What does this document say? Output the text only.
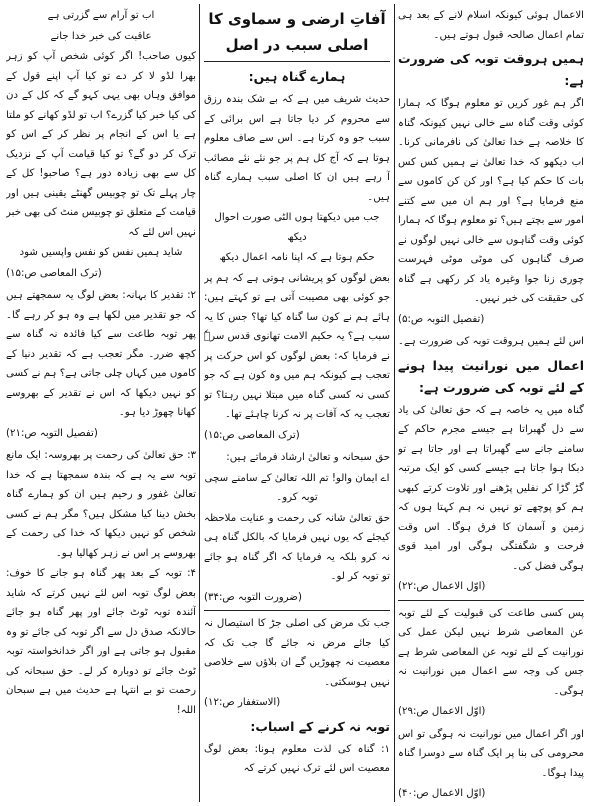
الاعمال ہوئی کیونکہ اسلام لانے کے بعد ہی تمام اعمال صالحہ قبول ہوتے ہیں۔
ہمیں ہروقت توبہ کی ضرورت ہے:
اگر ہم غور کریں تو معلوم ہوگا کہ ہمارا کوئی وقت گناہ سے خالی نہیں کیونکہ گناہ کا خلاصہ ہے خدا تعالیٰ کی نافرمانی کرنا۔ اب دیکھو کہ خدا تعالیٰ نے ہمیں کس کس بات کا حکم کیا ہے؟ اور کن کن کاموں سے منع فرمایا ہے؟ اور ہم ان میں سے کتنے امور سے بچتے ہیں؟ تو معلوم ہوگا کہ ہمارا کوئی وقت گناہوں سے خالی نہیں لوگوں نے صرف گناہوں کی موٹی موٹی فہرست چوری زنا جوا وغیرہ یاد کر رکھی ہے گناہ کی حقیقت کی خبر نہیں۔
(تفصیل التوبہ ص:۵)
اس لئے ہمیں ہروقت توبہ کی ضرورت ہے۔
اعمال میں نورانیت پیدا ہونے کے لئے توبہ کی ضرورت ہے:
گناہ میں یہ خاصہ ہے کہ حق تعالیٰ کی یاد سے دل گھبراتا ہے جیسے مجرم حاکم کے سامنے جانے سے گھبراتا ہے اور جاتا ہے تو دبکا ہوا جاتا ہے جیسے کسی کو ایک مرتبہ گڑ گڑا کر نفلیں پڑھنے اور تلاوت کرتے کبھی ہم کو پوچھے تو نہیں نہ ہم کہتا ہوں کہ زمین و آسمان کا فرق ہوگا۔ اس وقت فرحت و شگفتگی ہوگی اور امید قوی ہوگی فضل کی۔
(اوّل الاعمال ص:۲۲)
پس کسی طاعت کی قبولیت کے لئے توبہ عن المعاصی شرط نہیں لیکن عمل کی نورانیت کے لئے توبہ عن المعاصی شرط ہے جس کی وجہ سے اعمال میں نورانیت نہ ہوگی۔
(اوّل الاعمال ص:۲۹)
اور اگر اعمال میں نورانیت نہ ہوگی تو اس محرومی کی بنا پر ایک گناہ سے دوسرا گناہ پیدا ہوگا۔
(اوّل الاعمال ص:۴۰)
آفاتِ ارضی و سماوی کا اصلی سبب در اصل
ہمارے گناہ ہیں:
حدیث شریف میں ہے کہ بے شک بندہ رزق سے محروم کر دیا جاتا ہے اس برائی کے سبب جو وہ کرتا ہے۔ اس سے صاف معلوم ہوتا ہے کہ آج کل ہم پر جو نئے نئے مصائب آ رہے ہیں ان کا اصلی سبب ہمارے گناہ ہیں۔
جب میں دیکھتا ہوں الٹی صورت احوال دیکھ
حکم ہوتا ہے کہ اپنا نامہ اعمال دیکھ
بعض لوگوں کو پریشانی ہوتی ہے کہ ہم پر جو کوئی بھی مصیبت آتی ہے تو کہتے ہیں: ہائے ہم نے کون سا گناہ کیا تھا؟ جس کا یہ سبب ہے؟ یہ حکیم الامت تھانوی قدس سرہٗ نے فرمایا کہ: بعض لوگوں کو اس حرکت پر تعجب ہے کیونکہ ہم میں وہ کون ہے کہ جو کسی نہ کسی گناہ میں مبتلا نہیں رہتا؟ تو تعجب یہ کہ آفات پر نہ کرنا چاہئے تھا۔
(ترک المعاصی ص:۱۵)
حق سبحانہ و تعالیٰ ارشاد فرماتے ہیں:
اے ایمان والو! تم اللہ تعالیٰ کے سامنے سچی توبہ کرو۔
حق تعالیٰ شانہ کی رحمت و عنایت ملاحظہ کیجئے کہ یوں نہیں فرمایا کہ بالکل گناہ ہی نہ کرو بلکہ یہ فرمایا کہ اگر گناہ ہو جائے تو توبہ کر لو۔
(ضرورت التوبہ ص:۳۴)
جب تک مرض کی اصلی جڑ کا استیصال نہ کیا جائے مرض نہ جائے گا جب تک کہ معصیت نہ چھوڑیں گے ان بلاؤں سے خلاصی نہیں ہوسکتی۔
(الاستغفار ص:۱۲)
توبہ نہ کرنے کے اسباب:
۱: گناہ کی لذت معلوم ہونا: بعض لوگ معصیت اس لئے ترک نہیں کرتے کہ
اب تو آرام سے گزرتی ہے
عاقبت کی خبر خدا جانے
کیوں صاحب! اگر کوئی شخص آپ کو زہر بھرا لڈو لا کر دے تو کیا آپ اپنے قول کے موافق وہاں بھی یہی کہو گے کہ کل کے دن کی کیا خبر کیا گزرے؟ اب تو لڈو کھانے کو ملتا ہے یا اس کے انجام پر نظر کر کے اس کو ترک کر دو گے؟ تو کیا قیامت آپ کے نزدیک کل سے بھی زیادہ دور ہے؟ صاحبو! کل کے چار پہلے تک تو چوبیس گھنٹے یقینی ہیں اور قیامت کے متعلق تو چوبیس منٹ کی بھی خبر نہیں اس لئے کہ
شاید ہمیں نفس کو نفس واپسیں شود
(ترک المعاصی ص:۱۵)
۲: تقدیر کا بہانہ: بعض لوگ یہ سمجھتے ہیں کہ جو تقدیر میں لکھا ہے وہ ہو کر رہے گا۔ پھر توبہ طاعت سے کیا فائدہ نہ گناہ سے کچھ ضرر۔ مگر تعجب ہے کہ تقدیر دنیا کے کاموں میں کہاں چلی جاتی ہے؟ ہم نے کسی کو نہیں دیکھا کہ اس نے تقدیر کے بھروسے کھانا چھوڑ دیا ہو۔
(تفصیل التوبہ ص:۲۱)
۳: حق تعالیٰ کی رحمت پر بھروسہ: ایک مانع توبہ سے یہ ہے کہ بندہ سمجھتا ہے کہ خدا تعالیٰ غفور و رحیم ہیں ان کو ہمارے گناہ بخش دینا کیا مشکل ہیں؟ مگر ہم نے کسی شخص کو نہیں دیکھا کہ خدا کی رحمت کے بھروسے پر اس نے زہر کھالیا ہو۔
۴: توبہ کے بعد پھر گناہ ہو جانے کا خوف: بعض لوگ توبہ اس لئے نہیں کرتے کہ شاید آئندہ توبہ ٹوٹ جائے اور پھر گناہ ہو جائے حالانکہ صدق دل سے اگر توبہ کی جائے تو وہ مقبول ہو جاتی ہے اور اگر خدانخواستہ توبہ ٹوٹ جائے تو دوبارہ کر لے۔ حق سبحانہ کی رحمت تو بے انتہا ہے حدیث میں ہے سبحان اللہ!
